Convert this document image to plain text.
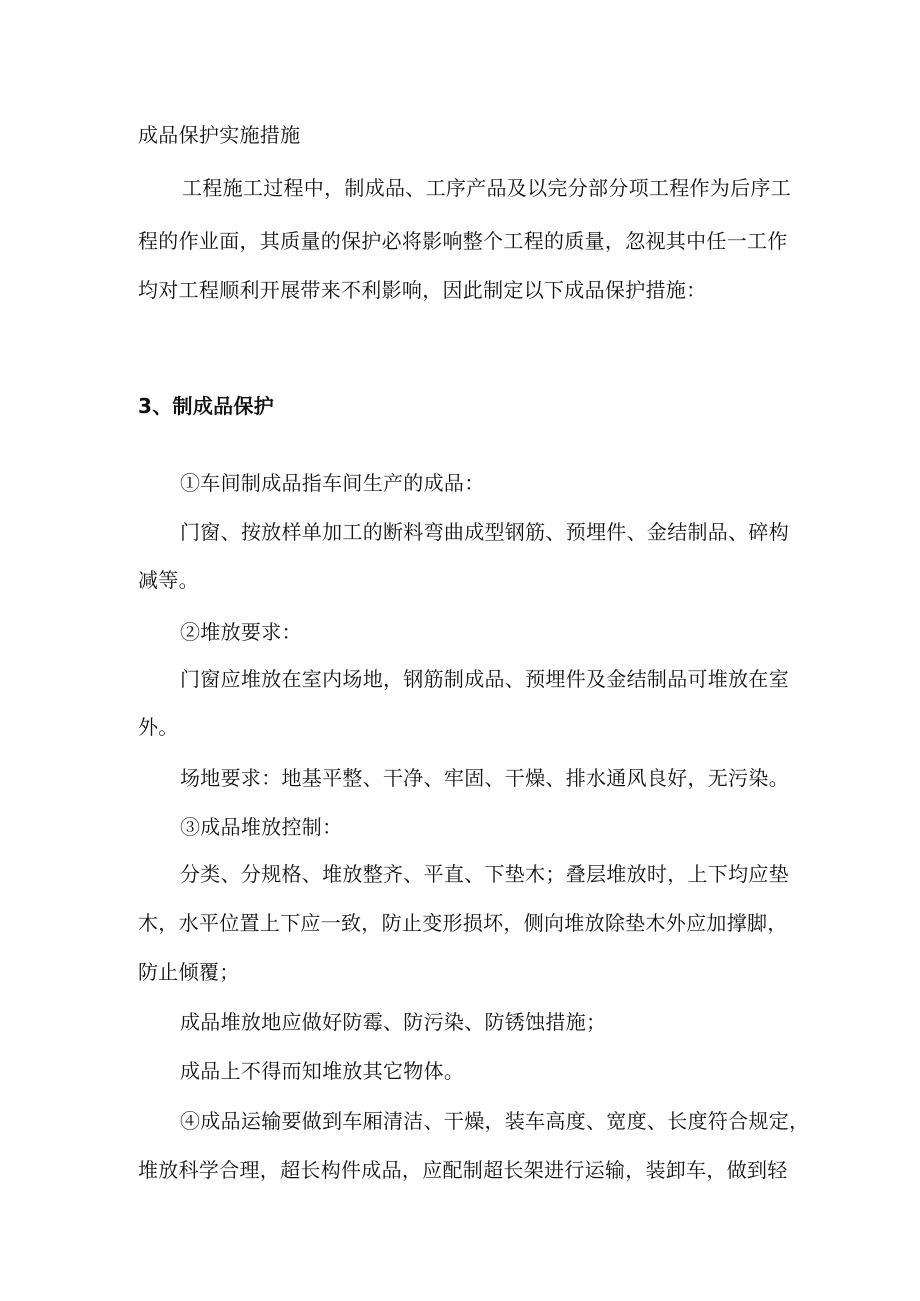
成品保护实施措施
工程施工过程中，制成品、工序产品及以完分部分项工程作为后序工
程的作业面，其质量的保护必将影响整个工程的质量，忽视其中任一工作
均对工程顺利开展带来不利影响，因此制定以下成品保护措施：
3、制成品保护
①车间制成品指车间生产的成品：
门窗、按放样单加工的断料弯曲成型钢筋、预埋件、金结制品、碎构
减等。
②堆放要求：
门窗应堆放在室内场地，钢筋制成品、预埋件及金结制品可堆放在室
外。
场地要求：地基平整、干净、牢固、干燥、排水通风良好，无污染。
③成品堆放控制：
分类、分规格、堆放整齐、平直、下垫木；叠层堆放时，上下均应垫
木，水平位置上下应一致，防止变形损坏，侧向堆放除垫木外应加撑脚，
防止倾覆；
成品堆放地应做好防霉、防污染、防锈蚀措施；
成品上不得而知堆放其它物体。
④成品运输要做到车厢清洁、干燥，装车高度、宽度、长度符合规定，
堆放科学合理，超长构件成品，应配制超长架进行运输，装卸车，做到轻
